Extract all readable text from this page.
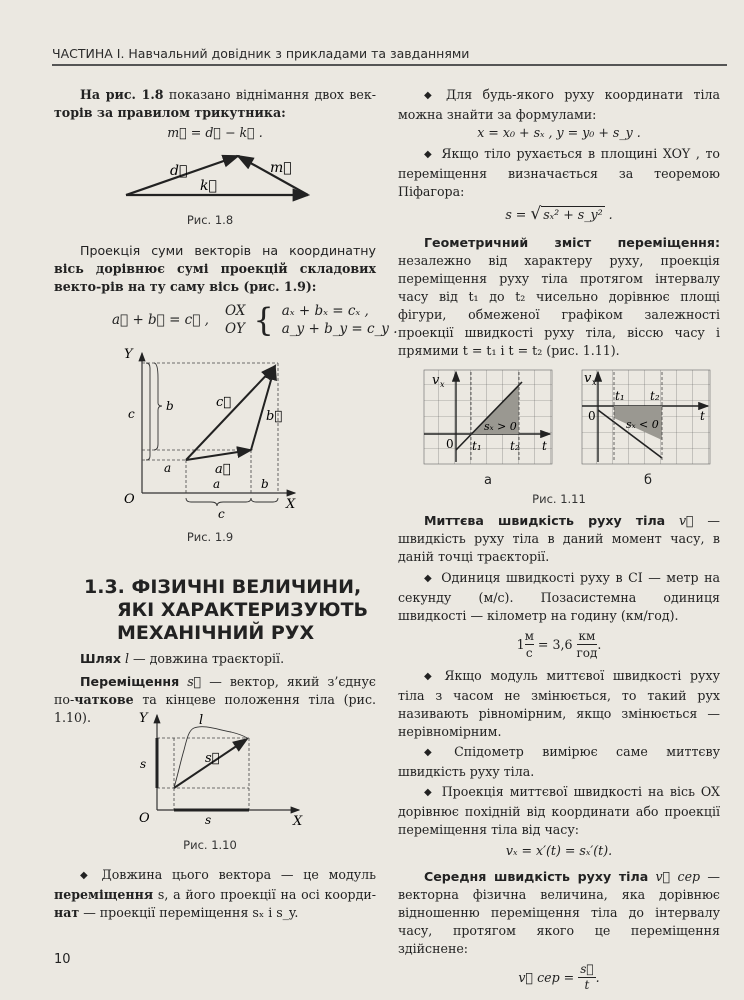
ЧАСТИНА І. Навчальний довідник з прикладами та завданнями

На рис. 1.8 показано віднімання двох век- торів за правилом трикутника:

m⃗ = d⃗ − k⃗ .

d⃗	m⃗
k⃗
Рис. 1.8

Проекція суми векторів на координатну вісь дорівнює сумі проекцій складових векто-рів на ту саму вісь (рис. 1.9):

a⃗ + b⃗ = c⃗ ,
OX
OY { aₓ + bₓ = cₓ ,
a_y + b_y = c_y .
Y
O	X
c
b
a
a	b
c
a⃗
b⃗
c⃗
Рис. 1.9
1.3. ФІЗИЧНІ ВЕЛИЧИНИ,
ЯКІ ХАРАКТЕРИЗУЮТЬ
МЕХАНІЧНИЙ РУХ

Шлях l — довжина траєкторії.

Переміщення s⃗ — вектор, який з’єднує по-чаткове та кінцеве положення тіла (рис. 1.10).	Y
O	X
l
s⃗
s
s
Рис. 1.10

◆ Довжина цього вектора — це модуль переміщення s, а його проекції на осі коорди-нат — проекції переміщення sₓ і s_y.

10

◆ Для будь-якого руху координати тіла можна знайти за формулами:

x = x₀ + sₓ , y = y₀ + s_y .

◆ Якщо тіло рухається в площині XOY , то переміщення визначається за теоремою Піфагора:

s = √ sₓ² + s_y² .

Геометричний зміст переміщення: незалежно від характеру руху, проекція переміщення руху тіла протягом інтервалу часу від t₁ до t₂ чисельно дорівнює площі фігури, обмеженої графіком залежності проекції швидкості руху тіла, віссю часу і прямими t = t₁ і t = t₂ (рис. 1.11).

v x
0 t₁ t₂ t
sₓ > 0
v x
0
t₁ t₂
t
sₓ < 0
а	б
Рис. 1.11

Миттєва швидкість руху тіла v⃗ — швидкість руху тіла в даний момент часу, в даній точці траєкторії.

◆ Одиниця швидкості руху в СІ — метр на секунду (м/с). Позасистемна одиниця швидкості — кілометр на годину (км/год).

1
м
с
= 3,6
км
год
.

◆ Якщо модуль миттєвої швидкості руху тіла з часом не змінюється, то такий рух називають рівномірним, якщо змінюється — нерівномірним.

◆ Спідометр вимірює саме миттєву швидкість руху тіла.

◆ Проекція миттєвої швидкості на вісь OX дорівнює похідній від координати або проекції переміщення тіла від часу:

vₓ = x′(t) = sₓ′(t).

Середня швидкість руху тіла v⃗ сер — векторна фізична величина, яка дорівнює відношенню переміщення тіла до інтервалу часу, протягом якого це переміщення здійснене:

v⃗ сер = $\frac{s⃗}{t}$ .
